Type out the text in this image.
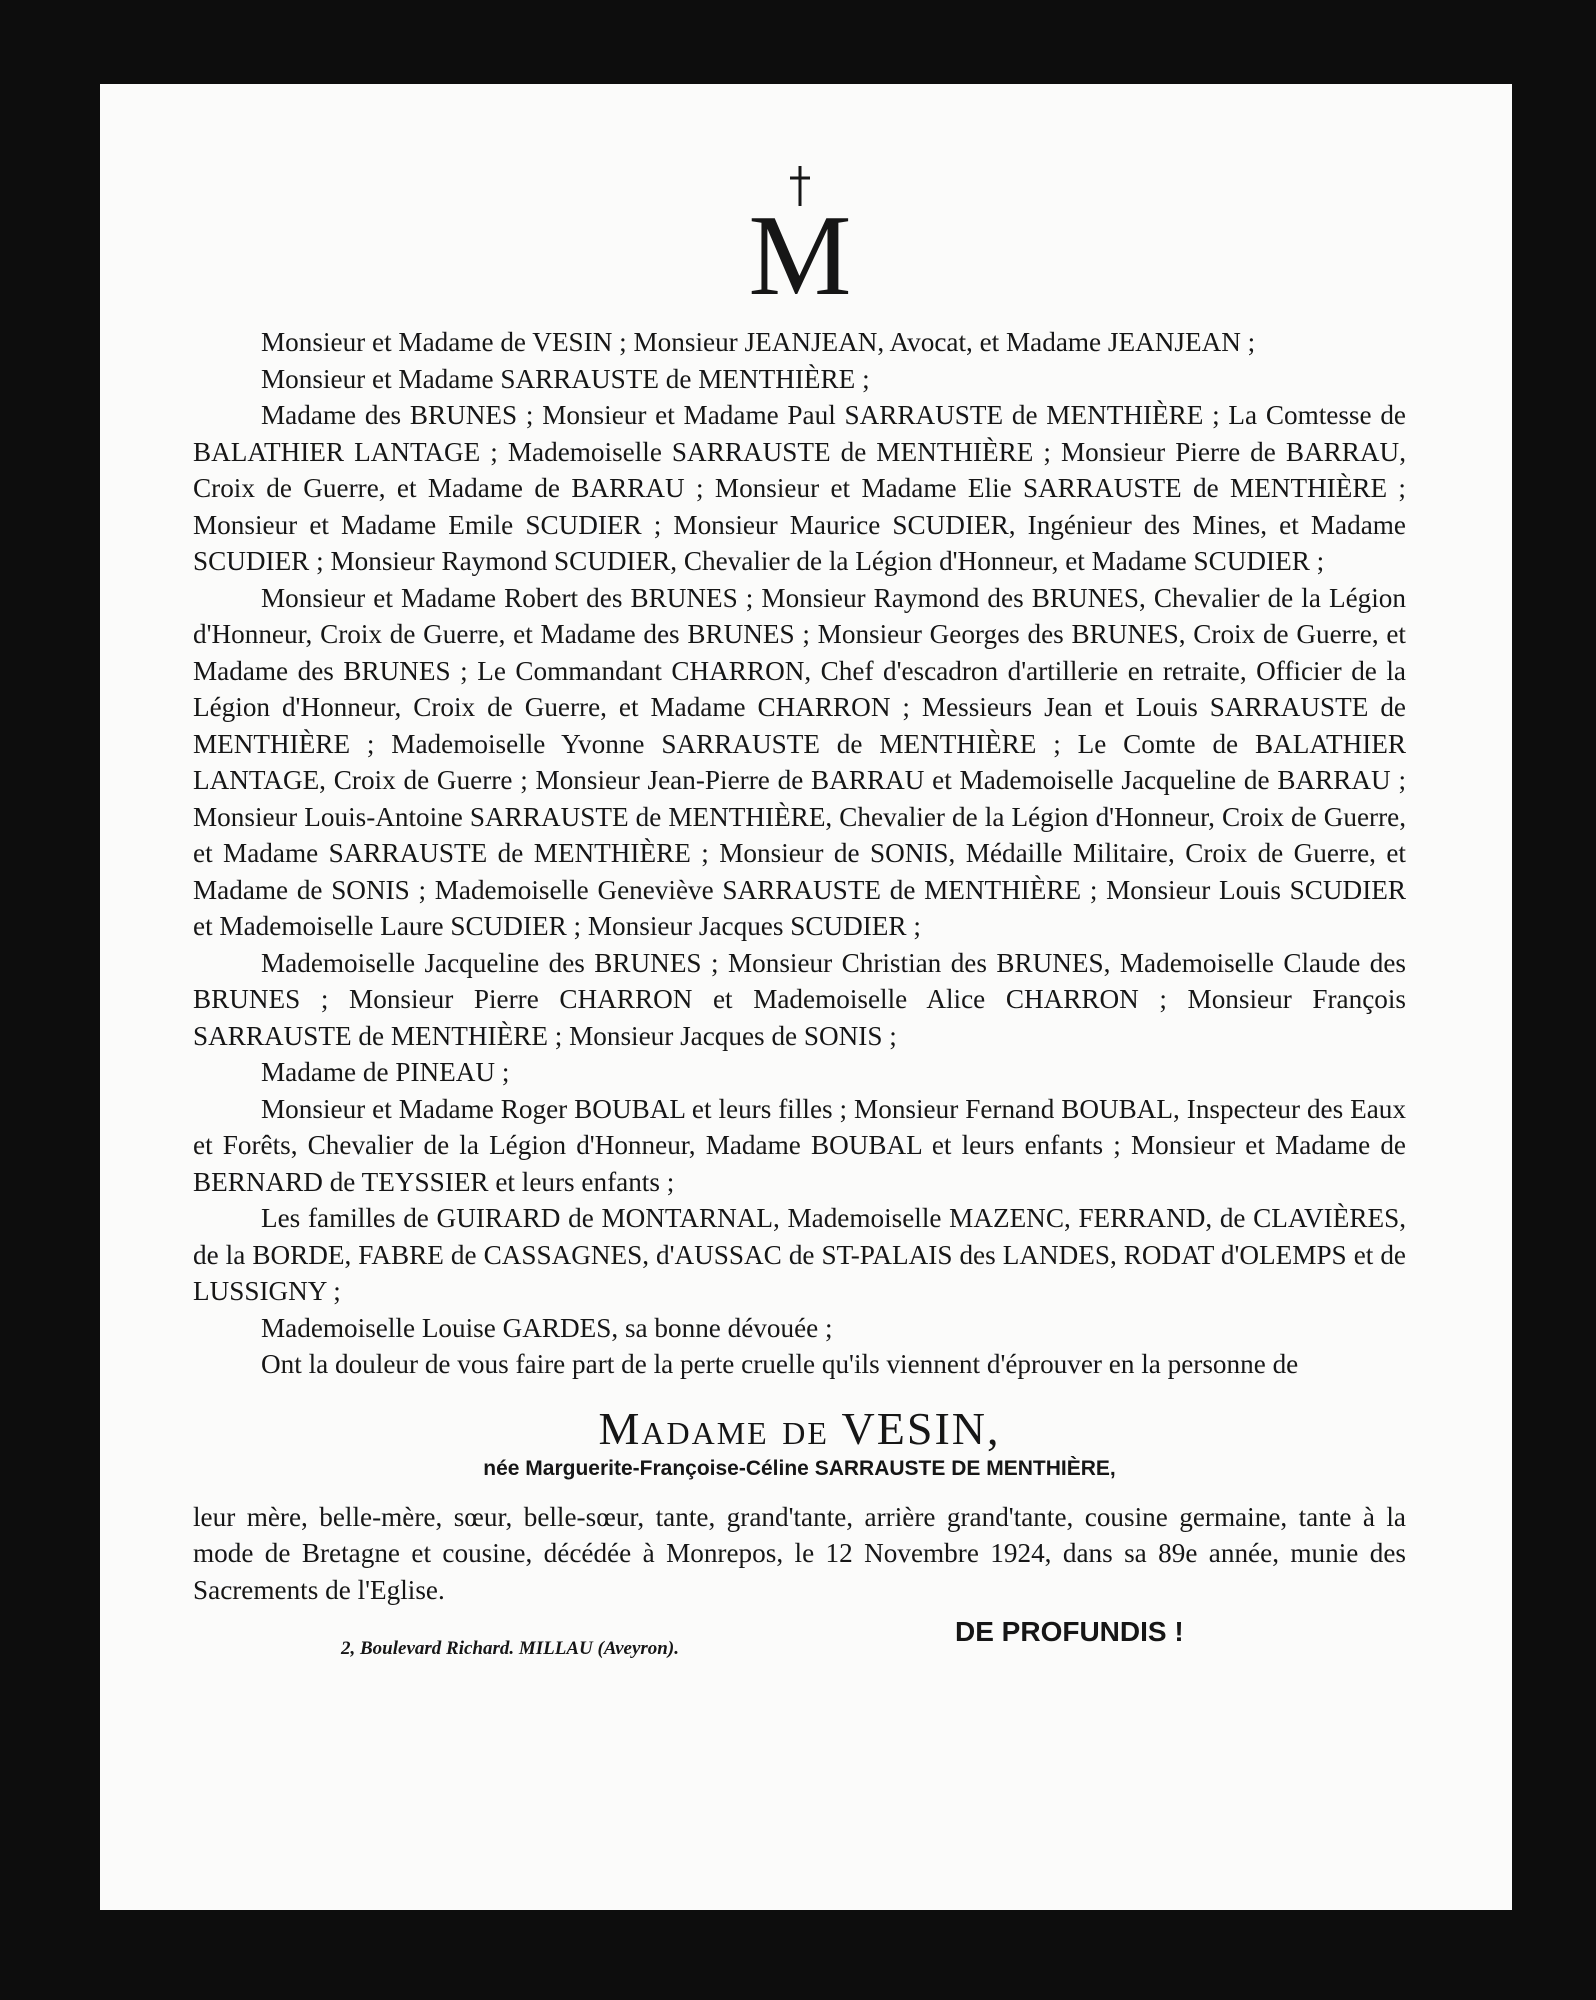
M

Monsieur et Madame de VESIN ; Monsieur JEANJEAN, Avocat, et Madame JEANJEAN ;

Monsieur et Madame SARRAUSTE de MENTHIÈRE ;

Madame des BRUNES ; Monsieur et Madame Paul SARRAUSTE de MENTHIÈRE ; La Comtesse de BALATHIER LANTAGE ; Mademoiselle SARRAUSTE de MENTHIÈRE ; Monsieur Pierre de BARRAU, Croix de Guerre, et Madame de BARRAU ; Monsieur et Madame Elie SARRAUSTE de MENTHIÈRE ; Monsieur et Madame Emile SCUDIER ; Monsieur Maurice SCUDIER, Ingénieur des Mines, et Madame SCUDIER ; Monsieur Raymond SCUDIER, Chevalier de la Légion d'Honneur, et Madame SCUDIER ;

Monsieur et Madame Robert des BRUNES ; Monsieur Raymond des BRUNES, Chevalier de la Légion d'Honneur, Croix de Guerre, et Madame des BRUNES ; Monsieur Georges des BRUNES, Croix de Guerre, et Madame des BRUNES ; Le Commandant CHARRON, Chef d'escadron d'artillerie en retraite, Officier de la Légion d'Honneur, Croix de Guerre, et Madame CHARRON ; Messieurs Jean et Louis SARRAUSTE de MENTHIÈRE ; Mademoiselle Yvonne SARRAUSTE de MENTHIÈRE ; Le Comte de BALATHIER LANTAGE, Croix de Guerre ; Monsieur Jean-Pierre de BARRAU et Mademoiselle Jacqueline de BARRAU ; Monsieur Louis-Antoine SARRAUSTE de MENTHIÈRE, Chevalier de la Légion d'Honneur, Croix de Guerre, et Madame SARRAUSTE de MENTHIÈRE ; Monsieur de SONIS, Médaille Militaire, Croix de Guerre, et Madame de SONIS ; Mademoiselle Geneviève SARRAUSTE de MENTHIÈRE ; Monsieur Louis SCUDIER et Mademoiselle Laure SCUDIER ; Monsieur Jacques SCUDIER ;

Mademoiselle Jacqueline des BRUNES ; Monsieur Christian des BRUNES, Mademoiselle Claude des BRUNES ; Monsieur Pierre CHARRON et Mademoiselle Alice CHARRON ; Monsieur François SARRAUSTE de MENTHIÈRE ; Monsieur Jacques de SONIS ;

Madame de PINEAU ;

Monsieur et Madame Roger BOUBAL et leurs filles ; Monsieur Fernand BOUBAL, Inspecteur des Eaux et Forêts, Chevalier de la Légion d'Honneur, Madame BOUBAL et leurs enfants ; Monsieur et Madame de BERNARD de TEYSSIER et leurs enfants ;

Les familles de GUIRARD de MONTARNAL, Mademoiselle MAZENC, FERRAND, de CLAVIÈRES, de la BORDE, FABRE de CASSAGNES, d'AUSSAC de ST-PALAIS des LANDES, RODAT d'OLEMPS et de LUSSIGNY ;

Mademoiselle Louise GARDES, sa bonne dévouée ;

Ont la douleur de vous faire part de la perte cruelle qu'ils viennent d'éprouver en la personne de

Madame de VESIN,
née Marguerite-Françoise-Céline SARRAUSTE DE MENTHIÈRE,

leur mère, belle-mère, sœur, belle-sœur, tante, grand'tante, arrière grand'tante, cousine germaine, tante à la mode de Bretagne et cousine, décédée à Monrepos, le 12 Novembre 1924, dans sa 89e année, munie des Sacrements de l'Eglise.

2, Boulevard Richard. MILLAU (Aveyron).
DE PROFUNDIS !
